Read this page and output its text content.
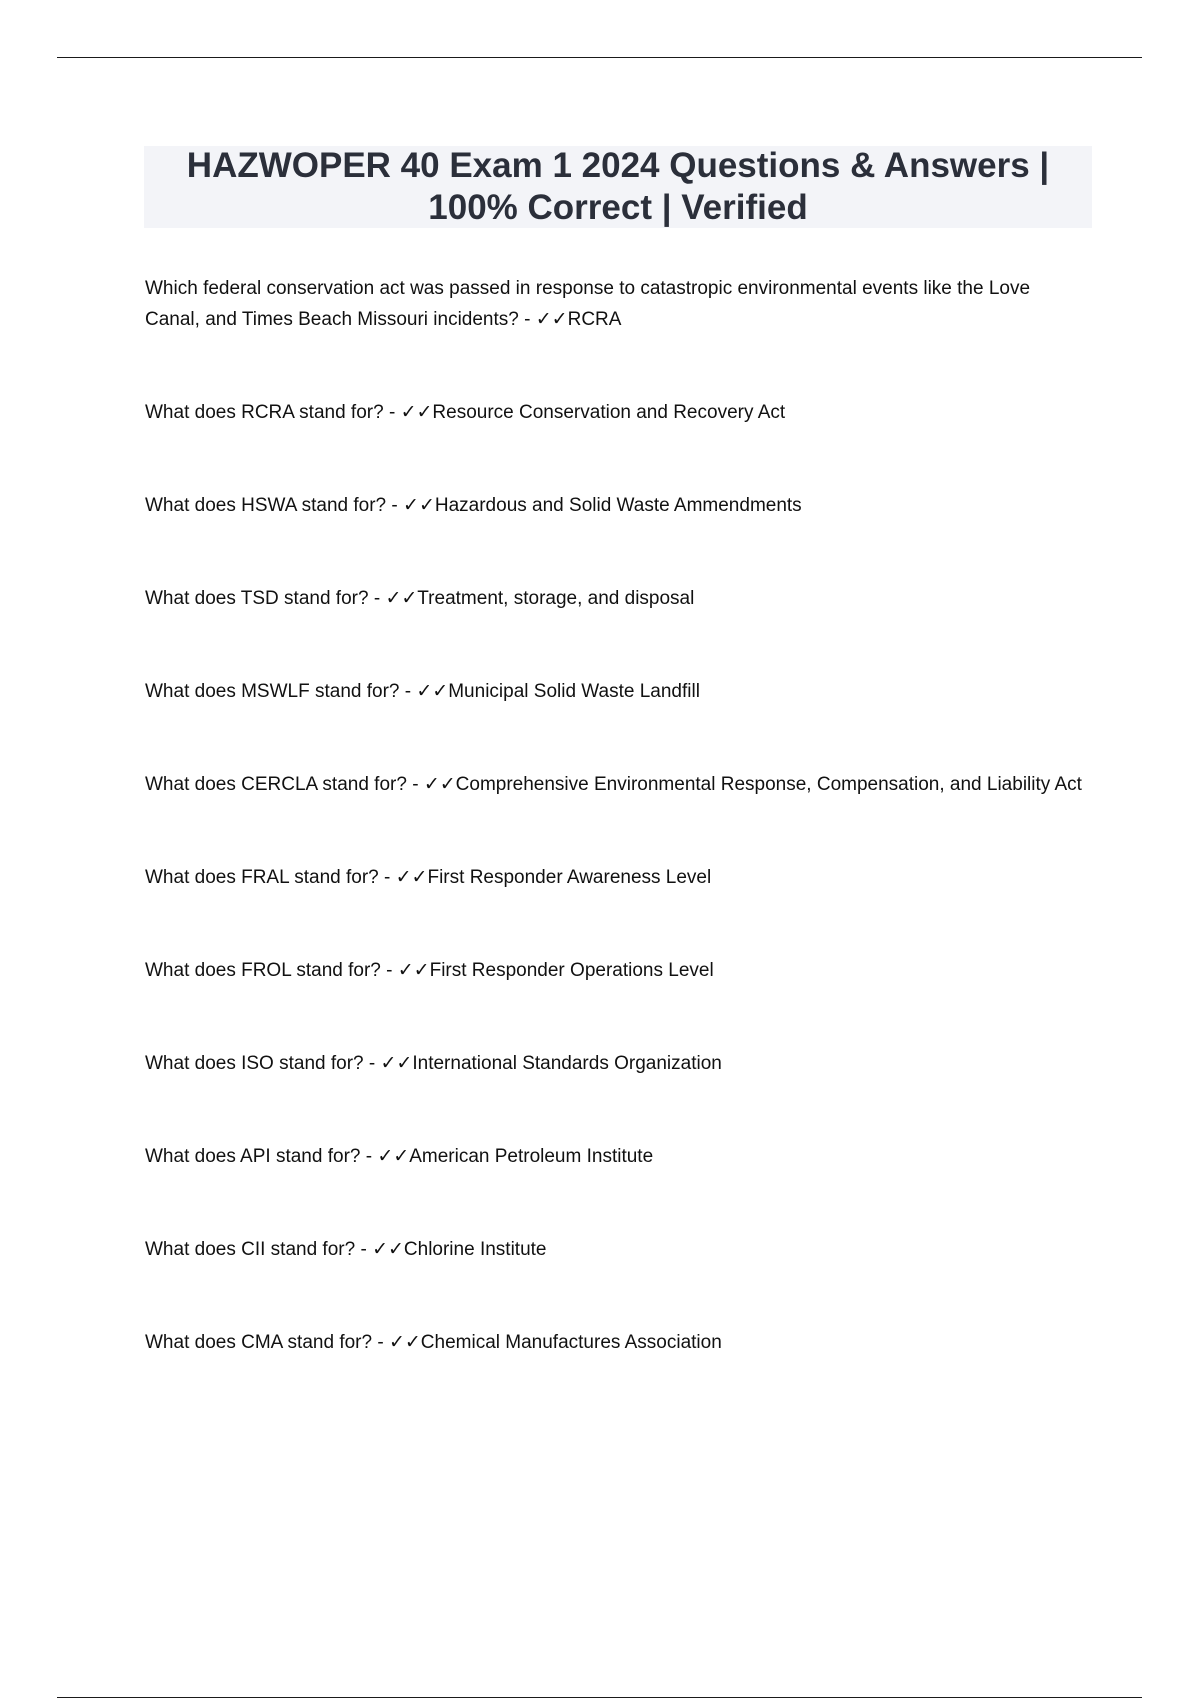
HAZWOPER 40 Exam 1 2024 Questions & Answers | 100% Correct | Verified

Which federal conservation act was passed in response to catastropic environmental events like the Love Canal, and Times Beach Missouri incidents? - ✓✓RCRA

What does RCRA stand for? - ✓✓Resource Conservation and Recovery Act

What does HSWA stand for? - ✓✓Hazardous and Solid Waste Ammendments

What does TSD stand for? - ✓✓Treatment, storage, and disposal

What does MSWLF stand for? - ✓✓Municipal Solid Waste Landfill

What does CERCLA stand for? - ✓✓Comprehensive Environmental Response, Compensation, and Liability Act

What does FRAL stand for? - ✓✓First Responder Awareness Level

What does FROL stand for? - ✓✓First Responder Operations Level

What does ISO stand for? - ✓✓International Standards Organization

What does API stand for? - ✓✓American Petroleum Institute

What does CII stand for? - ✓✓Chlorine Institute

What does CMA stand for? - ✓✓Chemical Manufactures Association
